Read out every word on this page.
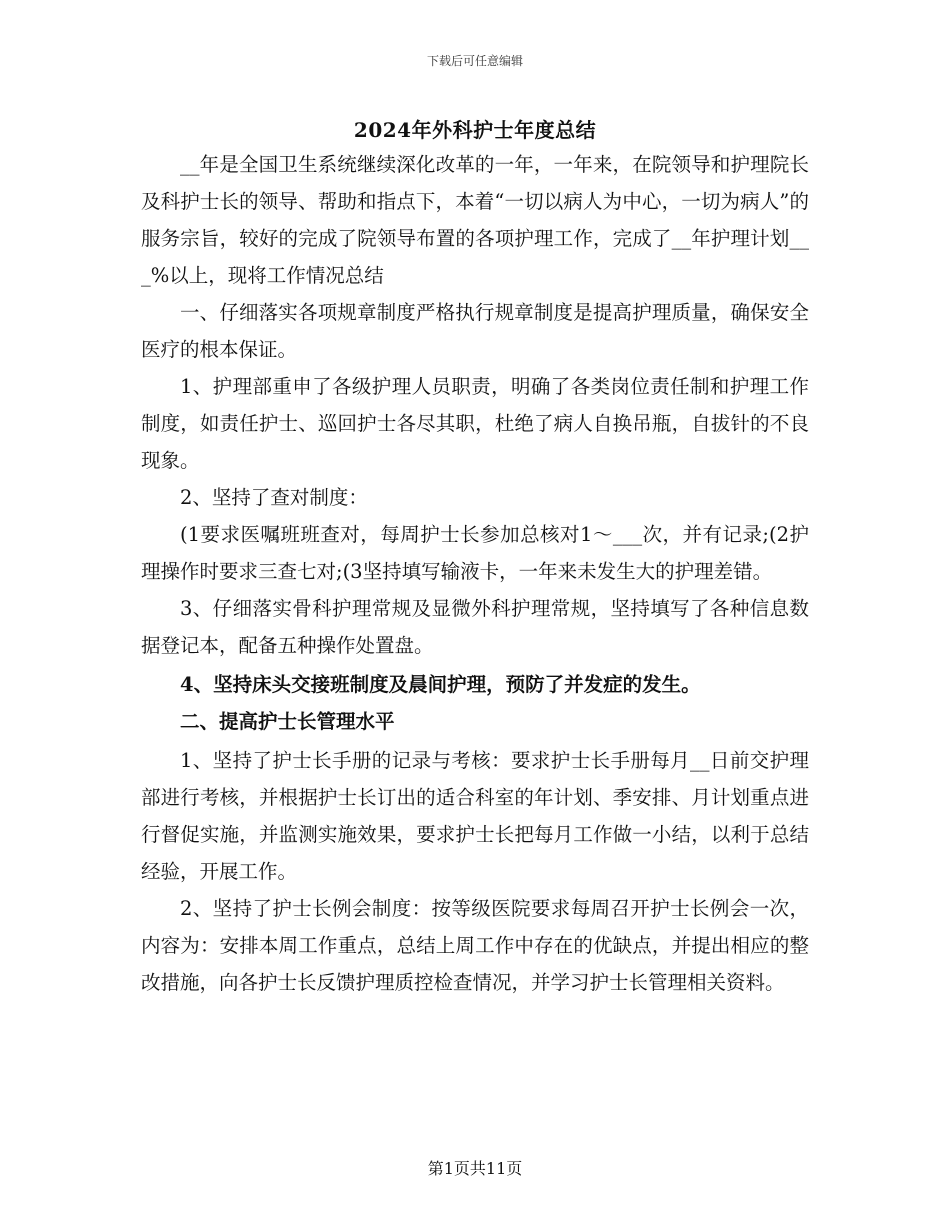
下载后可任意编辑
2024年外科护士年度总结

__年是全国卫生系统继续深化改革的一年，一年来，在院领导和护理院长及科护士长的领导、帮助和指点下，本着“一切以病人为中心，一切为病人”的服务宗旨，较好的完成了院领导布置的各项护理工作，完成了__年护理计划___%以上，现将工作情况总结

一、仔细落实各项规章制度严格执行规章制度是提高护理质量，确保安全医疗的根本保证。

1、护理部重申了各级护理人员职责，明确了各类岗位责任制和护理工作制度，如责任护士、巡回护士各尽其职，杜绝了病人自换吊瓶，自拔针的不良现象。

2、坚持了查对制度：

(1要求医嘱班班查对，每周护士长参加总核对1～___次，并有记录;(2护理操作时要求三查七对;(3坚持填写输液卡，一年来未发生大的护理差错。

3、仔细落实骨科护理常规及显微外科护理常规，坚持填写了各种信息数据登记本，配备五种操作处置盘。

4、坚持床头交接班制度及晨间护理，预防了并发症的发生。

二、提高护士长管理水平

1、坚持了护士长手册的记录与考核：要求护士长手册每月__日前交护理部进行考核，并根据护士长订出的适合科室的年计划、季安排、月计划重点进行督促实施，并监测实施效果，要求护士长把每月工作做一小结，以利于总结经验，开展工作。

2、坚持了护士长例会制度：按等级医院要求每周召开护士长例会一次，内容为：安排本周工作重点，总结上周工作中存在的优缺点，并提出相应的整改措施，向各护士长反馈护理质控检查情况，并学习护士长管理相关资料。

第1页共11页
